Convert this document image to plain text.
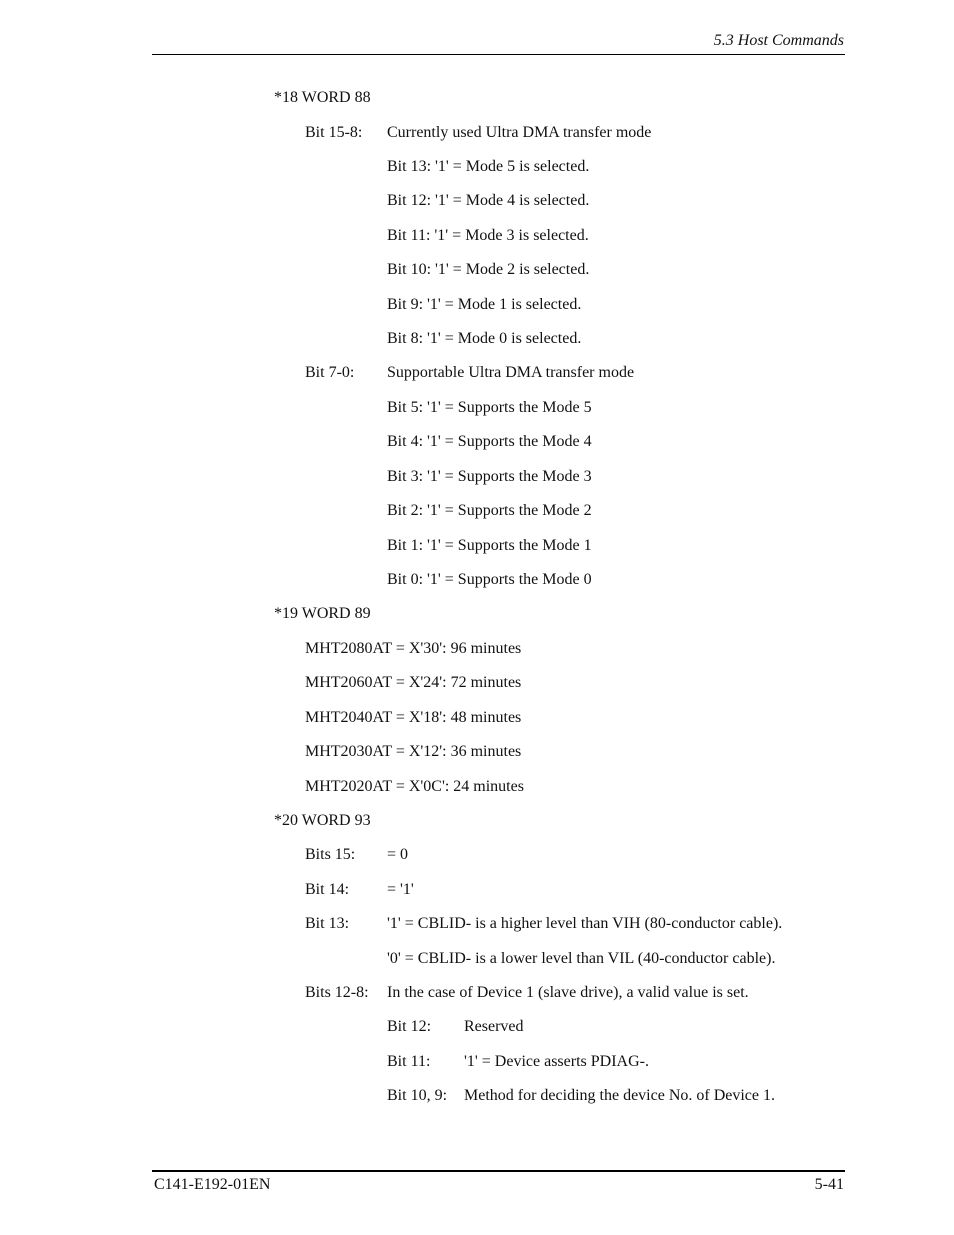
5.3 Host Commands
*18 WORD 88
Bit 15-8: Currently used Ultra DMA transfer mode
Bit 13: '1' = Mode 5 is selected.
Bit 12: '1' = Mode 4 is selected.
Bit 11: '1' = Mode 3 is selected.
Bit 10: '1' = Mode 2 is selected.
Bit 9: '1' = Mode 1 is selected.
Bit 8: '1' = Mode 0 is selected.
Bit 7-0: Supportable Ultra DMA transfer mode
Bit 5: '1' = Supports the Mode 5
Bit 4: '1' = Supports the Mode 4
Bit 3: '1' = Supports the Mode 3
Bit 2: '1' = Supports the Mode 2
Bit 1: '1' = Supports the Mode 1
Bit 0: '1' = Supports the Mode 0
*19 WORD 89
MHT2080AT = X'30': 96 minutes
MHT2060AT = X'24': 72 minutes
MHT2040AT = X'18': 48 minutes
MHT2030AT = X'12': 36 minutes
MHT2020AT = X'0C': 24 minutes
*20 WORD 93
Bits 15: = 0
Bit 14: = '1'
Bit 13: '1' = CBLID- is a higher level than VIH (80-conductor cable).
'0' = CBLID- is a lower level than VIL (40-conductor cable).
Bits 12-8: In the case of Device 1 (slave drive), a valid value is set.
Bit 12: Reserved
Bit 11: '1' = Device asserts PDIAG-.
Bit 10, 9: Method for deciding the device No. of Device 1.
C141-E192-01EN	5-41
